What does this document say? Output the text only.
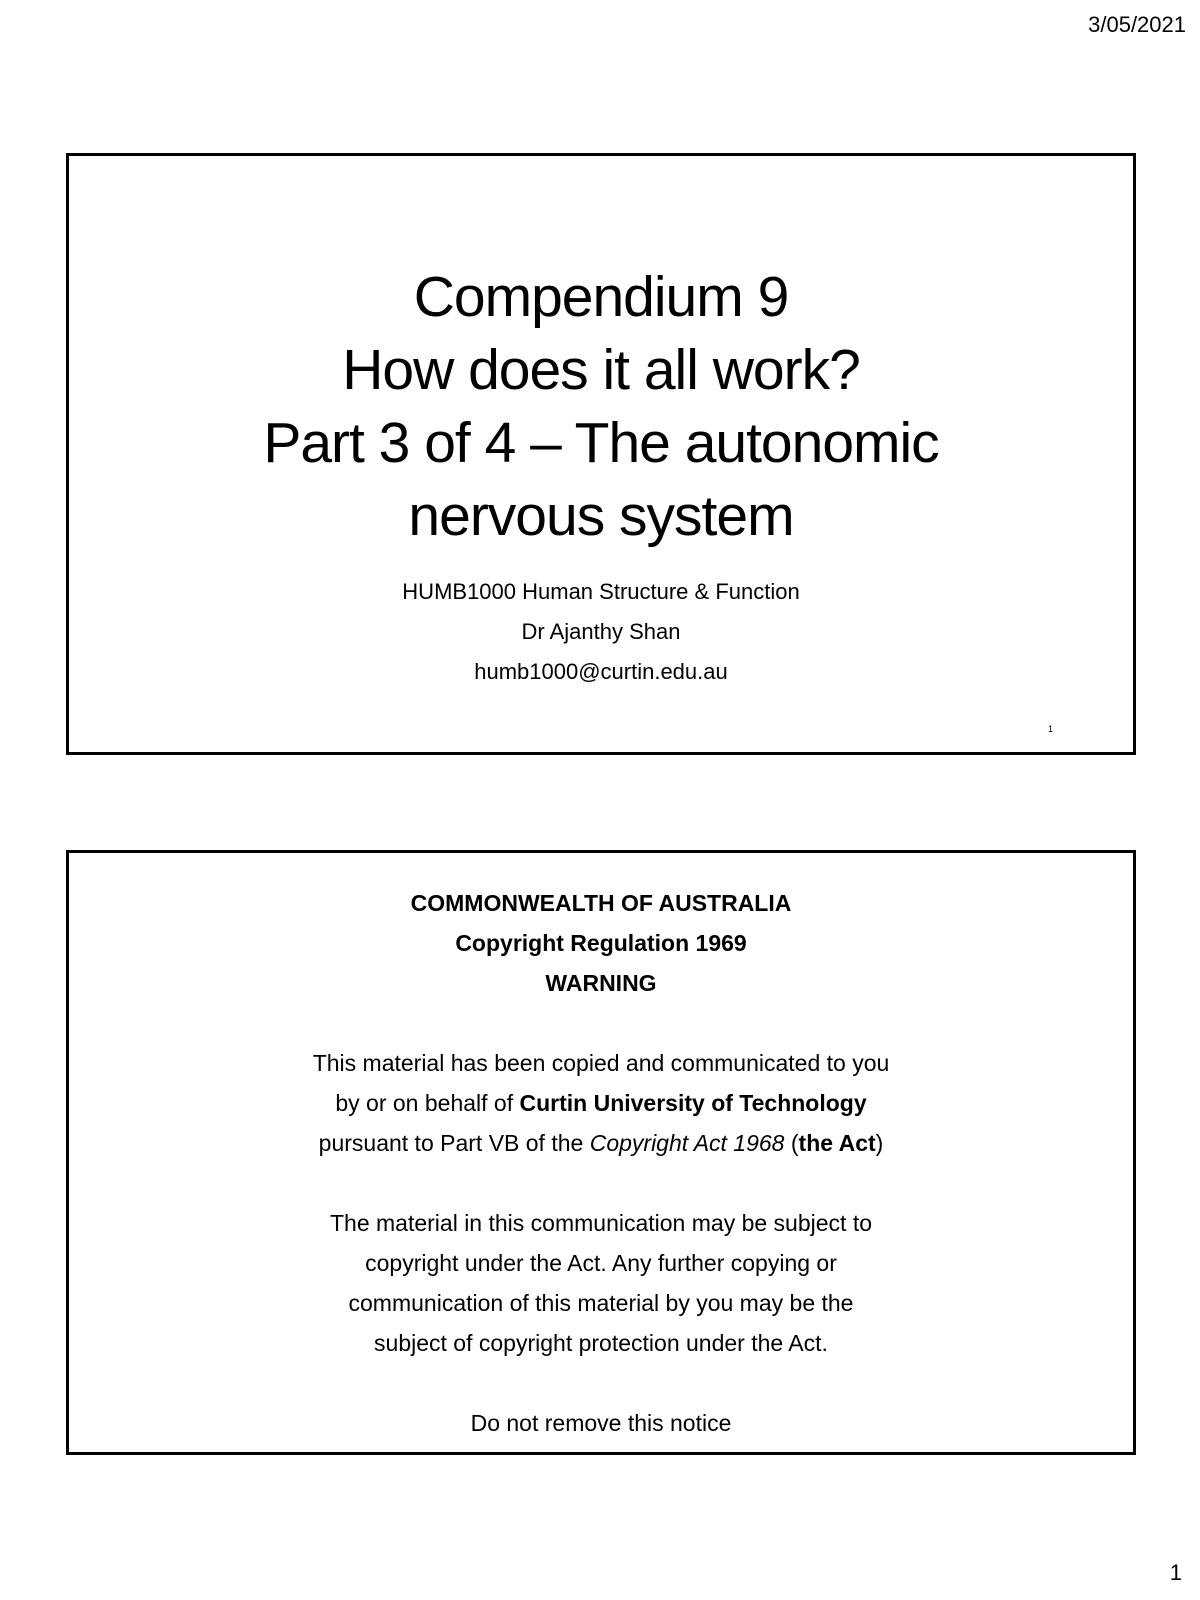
3/05/2021
Compendium 9
How does it all work?
Part 3 of 4 – The autonomic
nervous system
HUMB1000 Human Structure & Function
Dr Ajanthy Shan
humb1000@curtin.edu.au
1
COMMONWEALTH OF AUSTRALIA
Copyright Regulation 1969
WARNING
This material has been copied and communicated to you
by or on behalf of Curtin University of Technology
pursuant to Part VB of the Copyright Act 1968 (the Act)
The material in this communication may be subject to
copyright under the Act. Any further copying or
communication of this material by you may be the
subject of copyright protection under the Act.
Do not remove this notice
1
